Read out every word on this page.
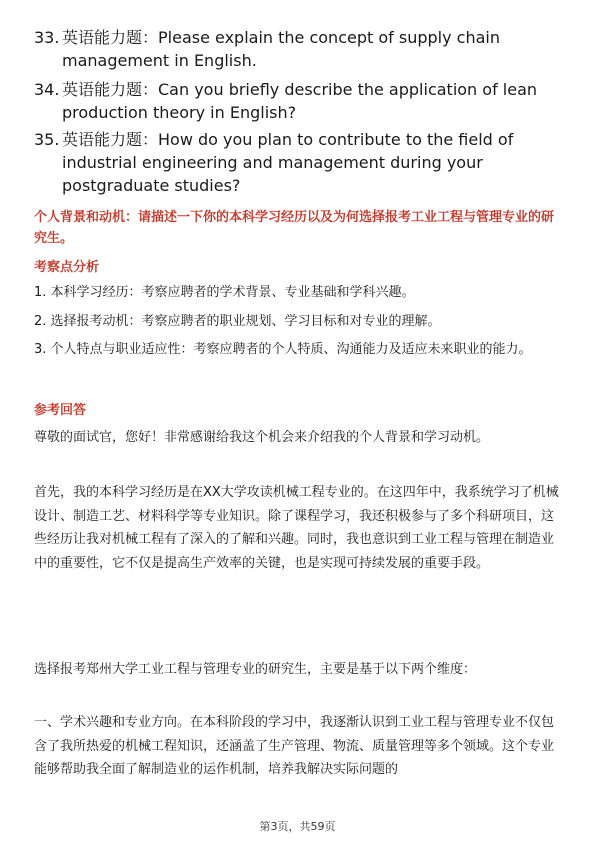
33. 英语能力题：Please explain the concept of supply chain management in English.
34. 英语能力题：Can you briefly describe the application of lean production theory in English?
35. 英语能力题：How do you plan to contribute to the field of industrial engineering and management during your postgraduate studies?
个人背景和动机：请描述一下你的本科学习经历以及为何选择报考工业工程与管理专业的研究生。
考察点分析
1. 本科学习经历：考察应聘者的学术背景、专业基础和学科兴趣。
2. 选择报考动机：考察应聘者的职业规划、学习目标和对专业的理解。
3. 个人特点与职业适应性：考察应聘者的个人特质、沟通能力及适应未来职业的能力。
参考回答
尊敬的面试官，您好！非常感谢给我这个机会来介绍我的个人背景和学习动机。
首先，我的本科学习经历是在XX大学攻读机械工程专业的。在这四年中，我系统学习了机械设计、制造工艺、材料科学等专业知识。除了课程学习，我还积极参与了多个科研项目，这些经历让我对机械工程有了深入的了解和兴趣。同时，我也意识到工业工程与管理在制造业中的重要性，它不仅是提高生产效率的关键，也是实现可持续发展的重要手段。
选择报考郑州大学工业工程与管理专业的研究生，主要是基于以下两个维度：
一、学术兴趣和专业方向。在本科阶段的学习中，我逐渐认识到工业工程与管理专业不仅包含了我所热爱的机械工程知识，还涵盖了生产管理、物流、质量管理等多个领域。这个专业能够帮助我全面了解制造业的运作机制，培养我解决实际问题的
第3页，共59页
